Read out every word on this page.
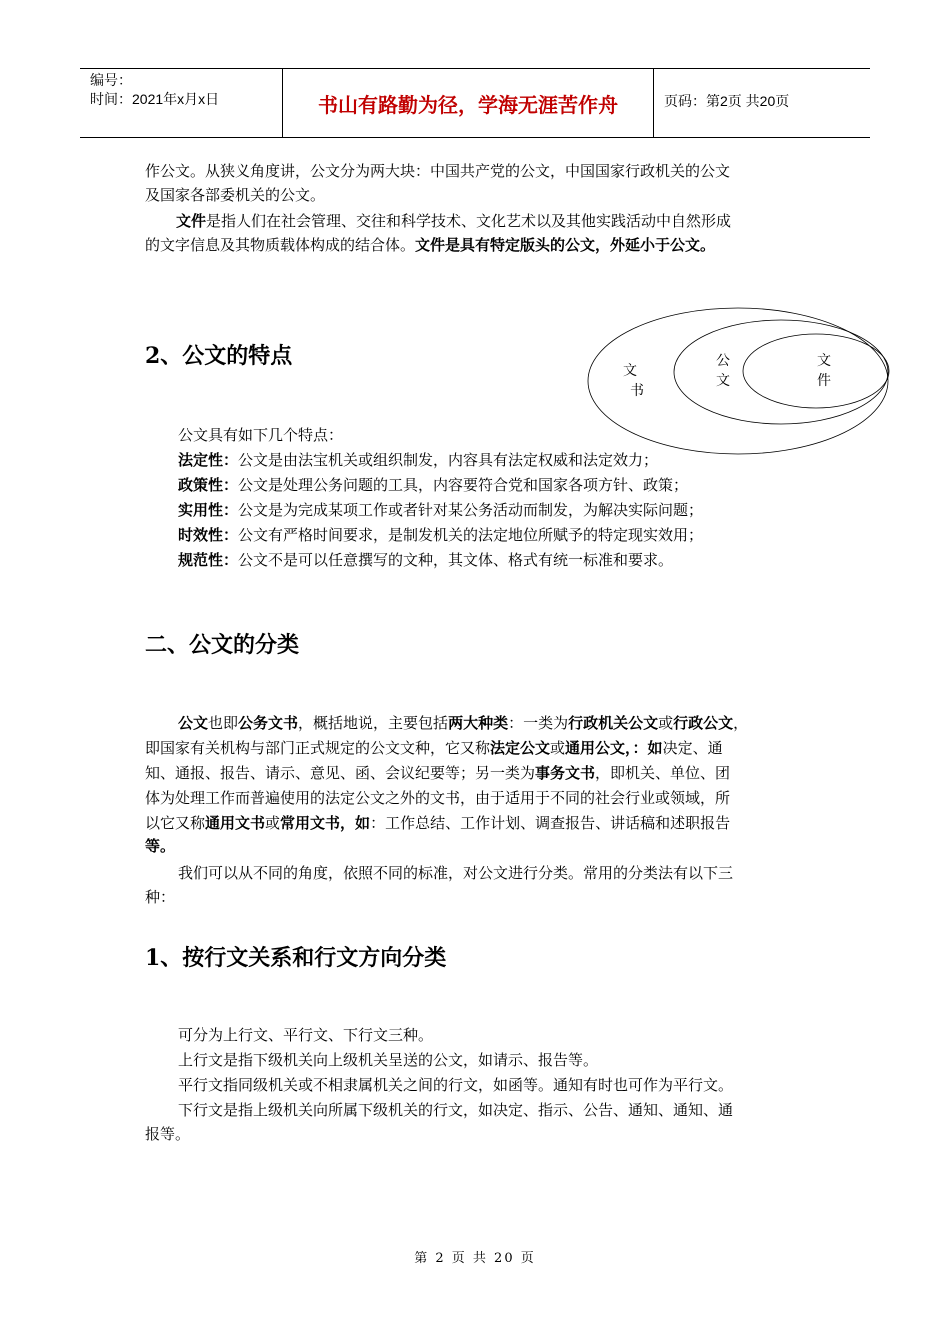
编号：
时间：2021年x月x日	书山有路勤为径，学海无涯苦作舟	页码：第2页 共20页

作公文。从狭义角度讲，公文分为两大块：中国共产党的公文，中国国家行政机关的公文

及国家各部委机关的公文。

文件是指人们在社会管理、交往和科学技术、文化艺术以及其他实践活动中自然形成

的文字信息及其物质载体构成的结合体。文件是具有特定版头的公文，外延小于公文。

2、公文的特点
文
书
公
文
文
件

公文具有如下几个特点：

法定性：公文是由法宝机关或组织制发，内容具有法定权威和法定效力；

政策性：公文是处理公务问题的工具，内容要符合党和国家各项方针、政策；

实用性：公文是为完成某项工作或者针对某公务活动而制发，为解决实际问题；

时效性：公文有严格时间要求，是制发机关的法定地位所赋予的特定现实效用；

规范性：公文不是可以任意撰写的文种，其文体、格式有统一标准和要求。

二、公文的分类

公文也即公务文书，概括地说，主要包括两大种类：一类为行政机关公文或行政公文，

即国家有关机构与部门正式规定的公文文种，它又称法定公文或通用公文，：如决定、通

知、通报、报告、请示、意见、函、会议纪要等；另一类为事务文书，即机关、单位、团

体为处理工作而普遍使用的法定公文之外的文书，由于适用于不同的社会行业或领域，所

以它又称通用文书或常用文书，如：工作总结、工作计划、调查报告、讲话稿和述职报告

等。

我们可以从不同的角度，依照不同的标准，对公文进行分类。常用的分类法有以下三

种：

1、按行文关系和行文方向分类

可分为上行文、平行文、下行文三种。

上行文是指下级机关向上级机关呈送的公文，如请示、报告等。

平行文指同级机关或不相隶属机关之间的行文，如函等。通知有时也可作为平行文。

下行文是指上级机关向所属下级机关的行文，如决定、指示、公告、通知、通知、通

报等。

第 2 页 共 20 页
